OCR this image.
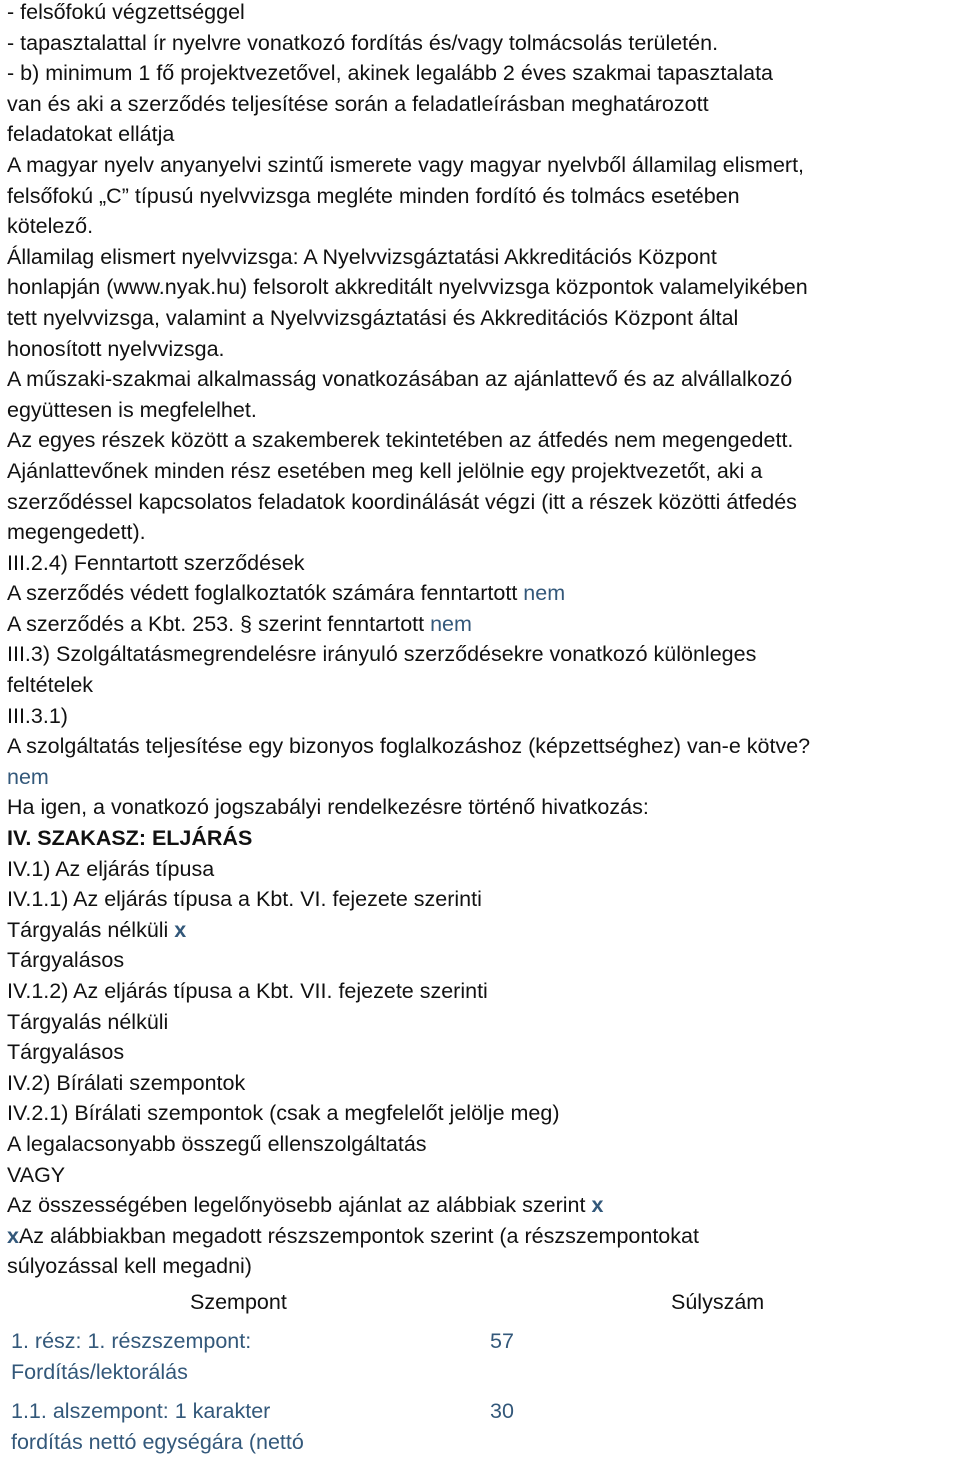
- felsőfokú végzettséggel
- tapasztalattal ír nyelvre vonatkozó fordítás és/vagy tolmácsolás területén.
- b) minimum 1 fő projektvezetővel, akinek legalább 2 éves szakmai tapasztalata
van és aki a szerződés teljesítése során a feladatleírásban meghatározott
feladatokat ellátja
A magyar nyelv anyanyelvi szintű ismerete vagy magyar nyelvből államilag elismert,
felsőfokú „C” típusú nyelvvizsga megléte minden fordító és tolmács esetében
kötelező.
Államilag elismert nyelvvizsga: A Nyelvvizsgáztatási Akkreditációs Központ
honlapján (www.nyak.hu) felsorolt akkreditált nyelvvizsga központok valamelyikében
tett nyelvvizsga, valamint a Nyelvvizsgáztatási és Akkreditációs Központ által
honosított nyelvvizsga.
A műszaki-szakmai alkalmasság vonatkozásában az ajánlattevő és az alvállalkozó
együttesen is megfelelhet.
Az egyes részek között a szakemberek tekintetében az átfedés nem megengedett.
Ajánlattevőnek minden rész esetében meg kell jelölnie egy projektvezetőt, aki a
szerződéssel kapcsolatos feladatok koordinálását végzi (itt a részek közötti átfedés
megengedett).
III.2.4) Fenntartott szerződések
A szerződés védett foglalkoztatók számára fenntartott nem
A szerződés a Kbt. 253. § szerint fenntartott nem
III.3) Szolgáltatásmegrendelésre irányuló szerződésekre vonatkozó különleges
feltételek
III.3.1)
A szolgáltatás teljesítése egy bizonyos foglalkozáshoz (képzettséghez) van-e kötve?
nem
Ha igen, a vonatkozó jogszabályi rendelkezésre történő hivatkozás:
IV. SZAKASZ: ELJÁRÁS
IV.1) Az eljárás típusa
IV.1.1) Az eljárás típusa a Kbt. VI. fejezete szerinti
Tárgyalás nélküli x
Tárgyalásos
IV.1.2) Az eljárás típusa a Kbt. VII. fejezete szerinti
Tárgyalás nélküli
Tárgyalásos
IV.2) Bírálati szempontok
IV.2.1) Bírálati szempontok (csak a megfelelőt jelölje meg)
A legalacsonyabb összegű ellenszolgáltatás
VAGY
Az összességében legelőnyösebb ajánlat az alábbiak szerint x
xAz alábbiakban megadott részszempontok szerint (a részszempontokat
súlyozással kell megadni)
Szempont	Súlyszám
1. rész: 1. részszempont:
Fordítás/lektorálás
57
1.1. alszempont: 1 karakter
fordítás nettó egységára (nettó
30
